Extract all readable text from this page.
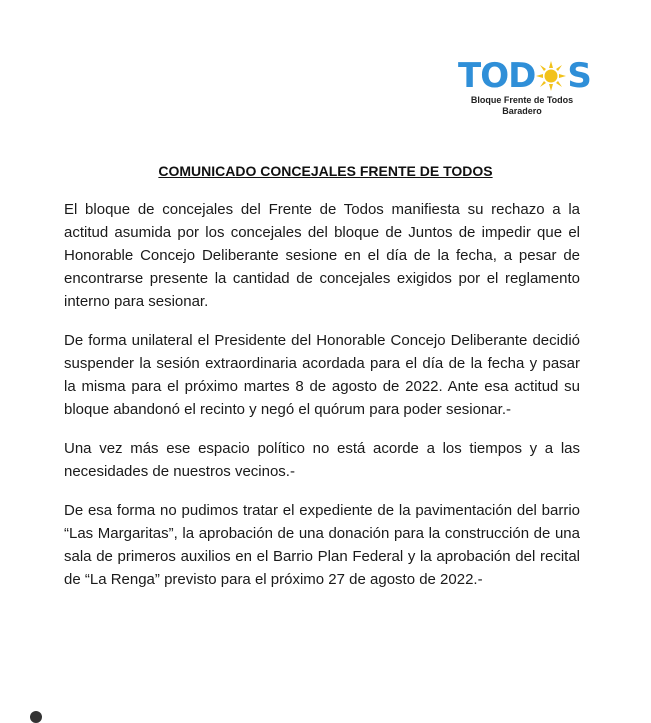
TOD S
Bloque Frente de Todos
Baradero
COMUNICADO CONCEJALES FRENTE DE TODOS

El bloque de concejales del Frente de Todos manifiesta su rechazo a la actitud asumida por los concejales del bloque de Juntos de impedir que el Honorable Concejo Deliberante sesione en el día de la fecha, a pesar de encontrarse presente la cantidad de concejales exigidos por el reglamento interno para sesionar.

De forma unilateral el Presidente del Honorable Concejo Deliberante decidió suspender la sesión extraordinaria acordada para el día de la fecha y pasar la misma para el próximo martes 8 de agosto de 2022. Ante esa actitud su bloque abandonó el recinto y negó el quórum para poder sesionar.-

Una vez más ese espacio político no está acorde a los tiempos y a las necesidades de nuestros vecinos.-

De esa forma no pudimos tratar el expediente de la pavimentación del barrio “Las Margaritas”, la aprobación de una donación para la construcción de una sala de primeros auxilios en el Barrio Plan Federal y la aprobación del recital de “La Renga” previsto para el próximo 27 de agosto de 2022.-
